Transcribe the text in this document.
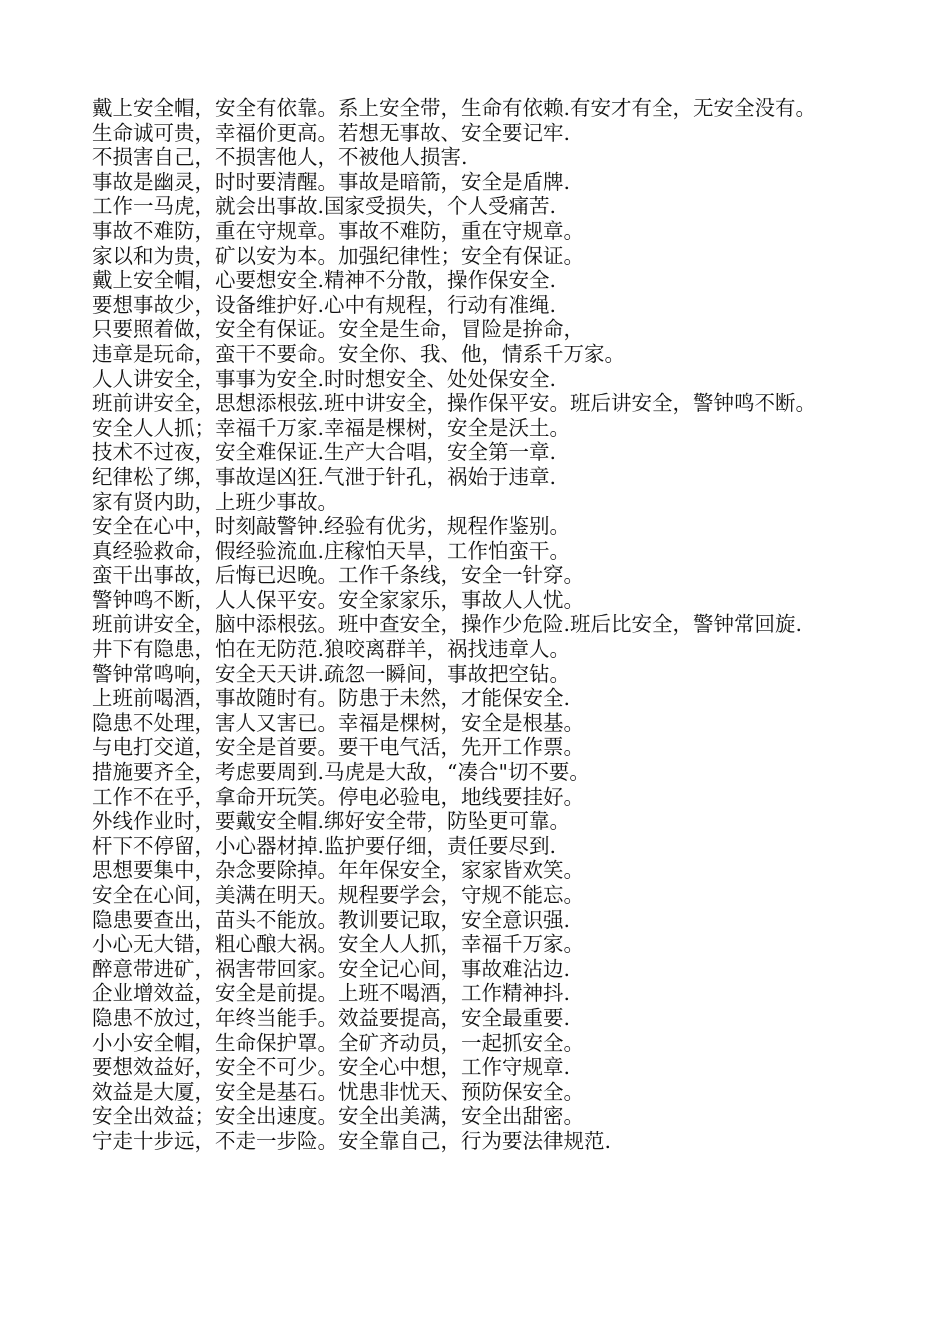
戴上安全帽，安全有依靠。系上安全带，生命有依赖.有安才有全，无安全没有。

生命诚可贵，幸福价更高。若想无事故、安全要记牢.

不损害自己，不损害他人，不被他人损害.

事故是幽灵，时时要清醒。事故是暗箭，安全是盾牌.

工作一马虎，就会出事故.国家受损失，个人受痛苦.

事故不难防，重在守规章。事故不难防，重在守规章。

家以和为贵，矿以安为本。加强纪律性；安全有保证。

戴上安全帽，心要想安全.精神不分散，操作保安全.

要想事故少，设备维护好.心中有规程，行动有准绳.

只要照着做，安全有保证。安全是生命，冒险是拚命，

违章是玩命，蛮干不要命。安全你、我、他，情系千万家。

人人讲安全，事事为安全.时时想安全、处处保安全.

班前讲安全，思想添根弦.班中讲安全，操作保平安。班后讲安全，警钟鸣不断。

安全人人抓；幸福千万家.幸福是棵树，安全是沃土。

技术不过夜，安全难保证.生产大合唱，安全第一章.

纪律松了绑，事故逞凶狂.气泄于针孔，祸始于违章.

家有贤内助，上班少事故。

安全在心中，时刻敲警钟.经验有优劣，规程作鉴别。

真经验救命，假经验流血.庄稼怕天旱，工作怕蛮干。

蛮干出事故，后悔已迟晚。工作千条线，安全一针穿。

警钟鸣不断，人人保平安。安全家家乐，事故人人忧。

班前讲安全，脑中添根弦。班中查安全，操作少危险.班后比安全，警钟常回旋.

井下有隐患，怕在无防范.狼咬离群羊，祸找违章人。

警钟常鸣响，安全天天讲.疏忽一瞬间，事故把空钻。

上班前喝酒，事故随时有。防患于未然，才能保安全.

隐患不处理，害人又害已。幸福是棵树，安全是根基。

与电打交道，安全是首要。要干电气活，先开工作票。

措施要齐全，考虑要周到.马虎是大敌，“凑合"切不要。

工作不在乎，拿命开玩笑。停电必验电，地线要挂好。

外线作业时，要戴安全帽.绑好安全带，防坠更可靠。

杆下不停留，小心器材掉.监护要仔细，责任要尽到.

思想要集中，杂念要除掉。年年保安全，家家皆欢笑。

安全在心间，美满在明天。规程要学会，守规不能忘。

隐患要查出，苗头不能放。教训要记取，安全意识强.

小心无大错，粗心酿大祸。安全人人抓，幸福千万家。

醉意带进矿，祸害带回家。安全记心间，事故难沾边.

企业增效益，安全是前提。上班不喝酒，工作精神抖.

隐患不放过，年终当能手。效益要提高，安全最重要.

小小安全帽，生命保护罩。全矿齐动员，一起抓安全。

要想效益好，安全不可少。安全心中想，工作守规章.

效益是大厦，安全是基石。忧患非忧天、预防保安全。

安全出效益；安全出速度。安全出美满，安全出甜密。

宁走十步远，不走一步险。安全靠自己，行为要法律规范.
